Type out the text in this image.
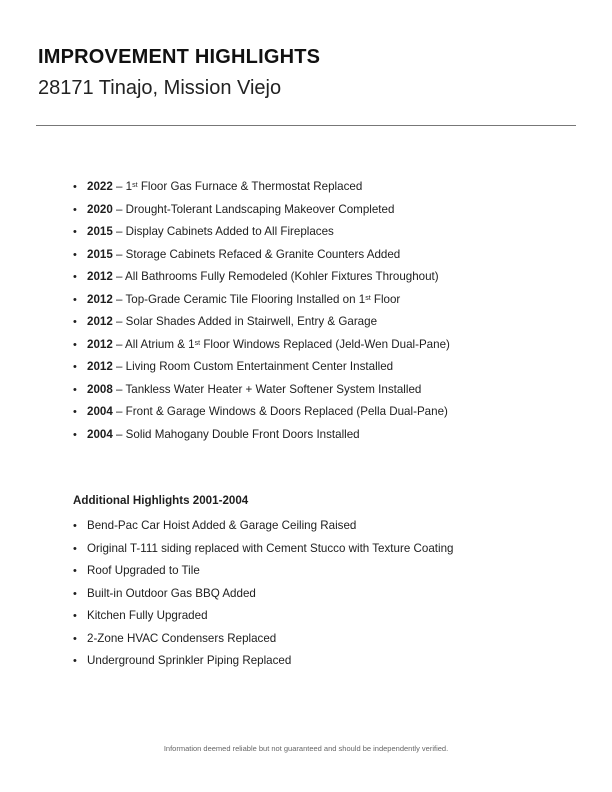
IMPROVEMENT HIGHLIGHTS
28171 Tinajo, Mission Viejo
• 2022 – 1st Floor Gas Furnace & Thermostat Replaced
• 2020 – Drought-Tolerant Landscaping Makeover Completed
• 2015 – Display Cabinets Added to All Fireplaces
• 2015 – Storage Cabinets Refaced & Granite Counters Added
• 2012 – All Bathrooms Fully Remodeled (Kohler Fixtures Throughout)
• 2012 – Top-Grade Ceramic Tile Flooring Installed on 1st Floor
• 2012 – Solar Shades Added in Stairwell, Entry & Garage
• 2012 – All Atrium & 1st Floor Windows Replaced (Jeld-Wen Dual-Pane)
• 2012 – Living Room Custom Entertainment Center Installed
• 2008 – Tankless Water Heater + Water Softener System Installed
• 2004 – Front & Garage Windows & Doors Replaced (Pella Dual-Pane)
• 2004 – Solid Mahogany Double Front Doors Installed
Additional Highlights 2001-2004
• Bend-Pac Car Hoist Added & Garage Ceiling Raised
• Original T-111 siding replaced with Cement Stucco with Texture Coating
• Roof Upgraded to Tile
• Built-in Outdoor Gas BBQ Added
• Kitchen Fully Upgraded
• 2-Zone HVAC Condensers Replaced
• Underground Sprinkler Piping Replaced
Information deemed reliable but not guaranteed and should be independently verified.
